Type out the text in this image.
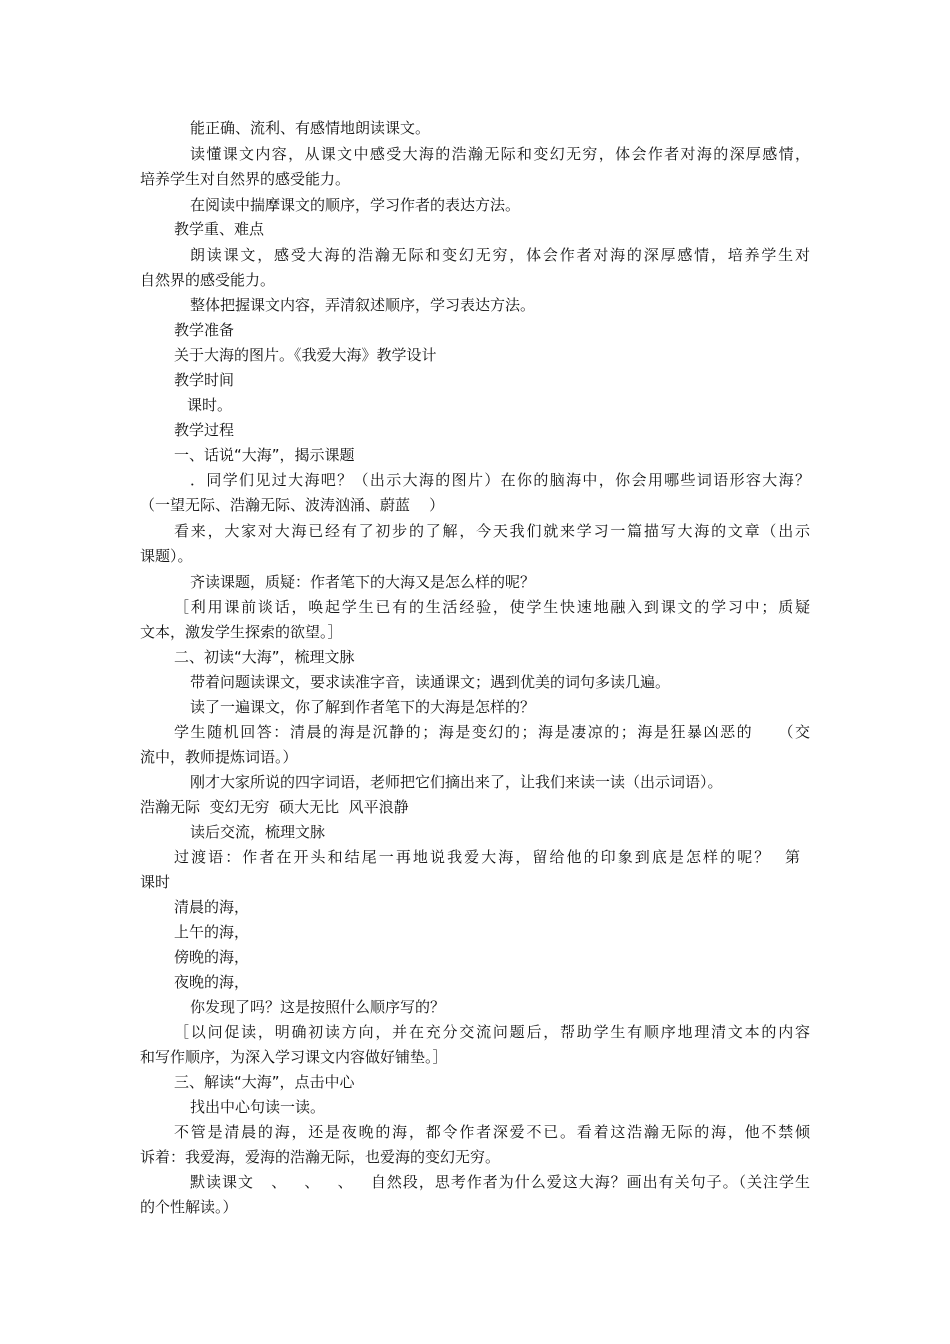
能正确、流利、有感情地朗读课文。

读懂课文内容，从课文中感受大海的浩瀚无际和变幻无穷，体会作者对海的深厚感情，

培养学生对自然界的感受能力。

在阅读中揣摩课文的顺序，学习作者的表达方法。

教学重、难点

朗读课文，感受大海的浩瀚无际和变幻无穷，体会作者对海的深厚感情，培养学生对

自然界的感受能力。

整体把握课文内容，弄清叙述顺序，学习表达方法。

教学准备

关于大海的图片。《我爱大海》教学设计

教学时间

课时。

教学过程

一、话说“大海”，揭示课题

．同学们见过大海吧？（出示大海的图片）在你的脑海中，你会用哪些词语形容大海？

（一望无际、浩瀚无际、波涛汹涌、蔚蓝    ）

看来，大家对大海已经有了初步的了解，今天我们就来学习一篇描写大海的文章（出示

课题）。

齐读课题，质疑：作者笔下的大海又是怎么样的呢？

［利用课前谈话，唤起学生已有的生活经验，使学生快速地融入到课文的学习中；质疑

文本，激发学生探索的欲望。］

二、初读“大海”，梳理文脉

带着问题读课文，要求读准字音，读通课文；遇到优美的词句多读几遍。

读了一遍课文，你了解到作者笔下的大海是怎样的？

学生随机回答：清晨的海是沉静的；海是变幻的；海是凄凉的；海是狂暴凶恶的    （交

流中，教师提炼词语。）

刚才大家所说的四字词语，老师把它们摘出来了，让我们来读一读（出示词语）。

浩瀚无际  变幻无穷  硕大无比  风平浪静

读后交流，梳理文脉

过渡语：作者在开头和结尾一再地说我爱大海，留给他的印象到底是怎样的呢？  第

课时

清晨的海，

上午的海，

傍晚的海，

夜晚的海，

你发现了吗？这是按照什么顺序写的？

［以问促读，明确初读方向，并在充分交流问题后，帮助学生有顺序地理清文本的内容

和写作顺序，为深入学习课文内容做好铺垫。］

三、解读“大海”，点击中心

找出中心句读一读。

不管是清晨的海，还是夜晚的海，都令作者深爱不已。看着这浩瀚无际的海，他不禁倾

诉着：我爱海，爱海的浩瀚无际，也爱海的变幻无穷。

默读课文   、   、   、   自然段，思考作者为什么爱这大海？画出有关句子。（关注学生

的个性解读。）
